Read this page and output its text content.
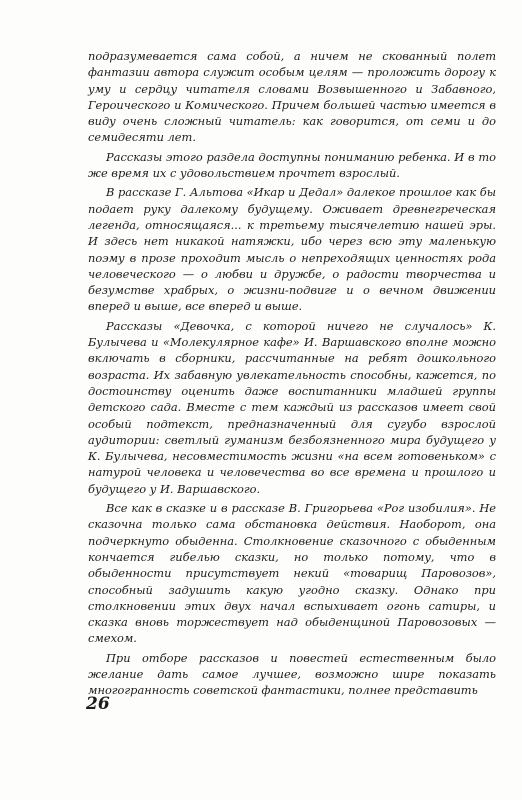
подразумевается сама собой, а ничем не скованный полет фантазии автора служит особым целям — проложить дорогу к уму и сердцу читателя словами Возвышенного и Забавного, Героического и Комического. Причем большей частью имеется в виду очень сложный читатель: как говорится, от семи и до семидесяти лет.

Рассказы этого раздела доступны пониманию ребенка. И в то же время их с удовольствием прочтет взрослый.

В рассказе Г. Альтова «Икар и Дедал» далекое прошлое как бы подает руку далекому будущему. Оживает древнегреческая легенда, относящаяся... к третьему тысячелетию нашей эры. И здесь нет никакой натяжки, ибо через всю эту маленькую поэму в прозе проходит мысль о непреходящих ценностях рода человеческого — о любви и дружбе, о радости творчества и безумстве храбрых, о жизни-подвиге и о вечном движении вперед и выше, все вперед и выше.

Рассказы «Девочка, с которой ничего не случалось» К. Булычева и «Молекулярное кафе» И. Варшавского вполне можно включать в сборники, рассчитанные на ребят дошкольного возраста. Их забавную увлекательность способны, кажется, по достоинству оценить даже воспитанники младшей группы детского сада. Вместе с тем каждый из рассказов имеет свой особый подтекст, предназначенный для сугубо взрослой аудитории: светлый гуманизм безбоязненного мира будущего у К. Булычева, несовместимость жизни «на всем готовеньком» с натурой человека и человечества во все времена и прошлого и будущего у И. Варшавского.

Все как в сказке и в рассказе В. Григорьева «Рог изобилия». Не сказочна только сама обстановка действия. Наоборот, она подчеркнуто обыденна. Столкновение сказочного с обыденным кончается гибелью сказки, но только потому, что в обыденности присутствует некий «товарищ Паровозов», способный задушить какую угодно сказку. Однако при столкновении этих двух начал вспыхивает огонь сатиры, и сказка вновь торжествует над обыденщиной Паровозовых — смехом.

При отборе рассказов и повестей естественным было желание дать самое лучшее, возможно шире показать многогранность советской фантастики, полнее представить

26
